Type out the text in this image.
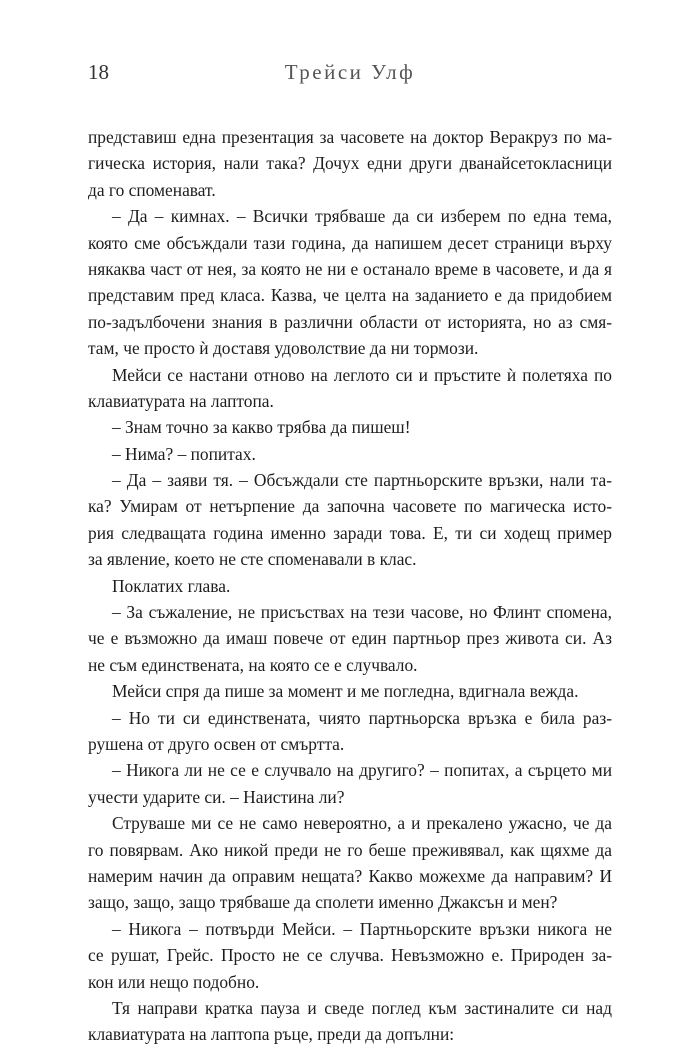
18	Трейси Улф
представиш една презентация за часовете на доктор Веракруз по ма-
гическа история, нали така? Дочух едни други дванайсетокласници
да го споменават.
– Да – кимнах. – Всички трябваше да си изберем по една тема,
която сме обсъждали тази година, да напишем десет страници върху
някаква част от нея, за която не ни е останало време в часовете, и да я
представим пред класа. Казва, че целта на заданието е да придобием
по-задълбочени знания в различни области от историята, но аз смя-
там, че просто ѝ доставя удоволствие да ни тормози.
Мейси се настани отново на леглото си и пръстите ѝ полетяха по
клавиатурата на лаптопа.
– Знам точно за какво трябва да пишеш!
– Нима? – попитах.
– Да – заяви тя. – Обсъждали сте партньорските връзки, нали та-
ка? Умирам от нетърпение да започна часовете по магическа исто-
рия следващата година именно заради това. Е, ти си ходещ пример
за явление, което не сте споменавали в клас.
Поклатих глава.
– За съжаление, не присъствах на тези часове, но Флинт спомена,
че е възможно да имаш повече от един партньор през живота си. Аз
не съм единствената, на която се е случвало.
Мейси спря да пише за момент и ме погледна, вдигнала вежда.
– Но ти си единствената, чиято партньорска връзка е била раз-
рушена от друго освен от смъртта.
– Никога ли не се е случвало на другиго? – попитах, а сърцето ми
учести ударите си. – Наистина ли?
Струваше ми се не само невероятно, а и прекалено ужасно, че да
го повярвам. Ако никой преди не го беше преживявал, как щяхме да
намерим начин да оправим нещата? Какво можехме да направим? И
защо, защо, защо трябваше да сполети именно Джаксън и мен?
– Никога – потвърди Мейси. – Партньорските връзки никога не
се рушат, Грейс. Просто не се случва. Невъзможно е. Природен за-
кон или нещо подобно.
Тя направи кратка пауза и сведе поглед към застиналите си над
клавиатурата на лаптопа ръце, преди да допълни:
